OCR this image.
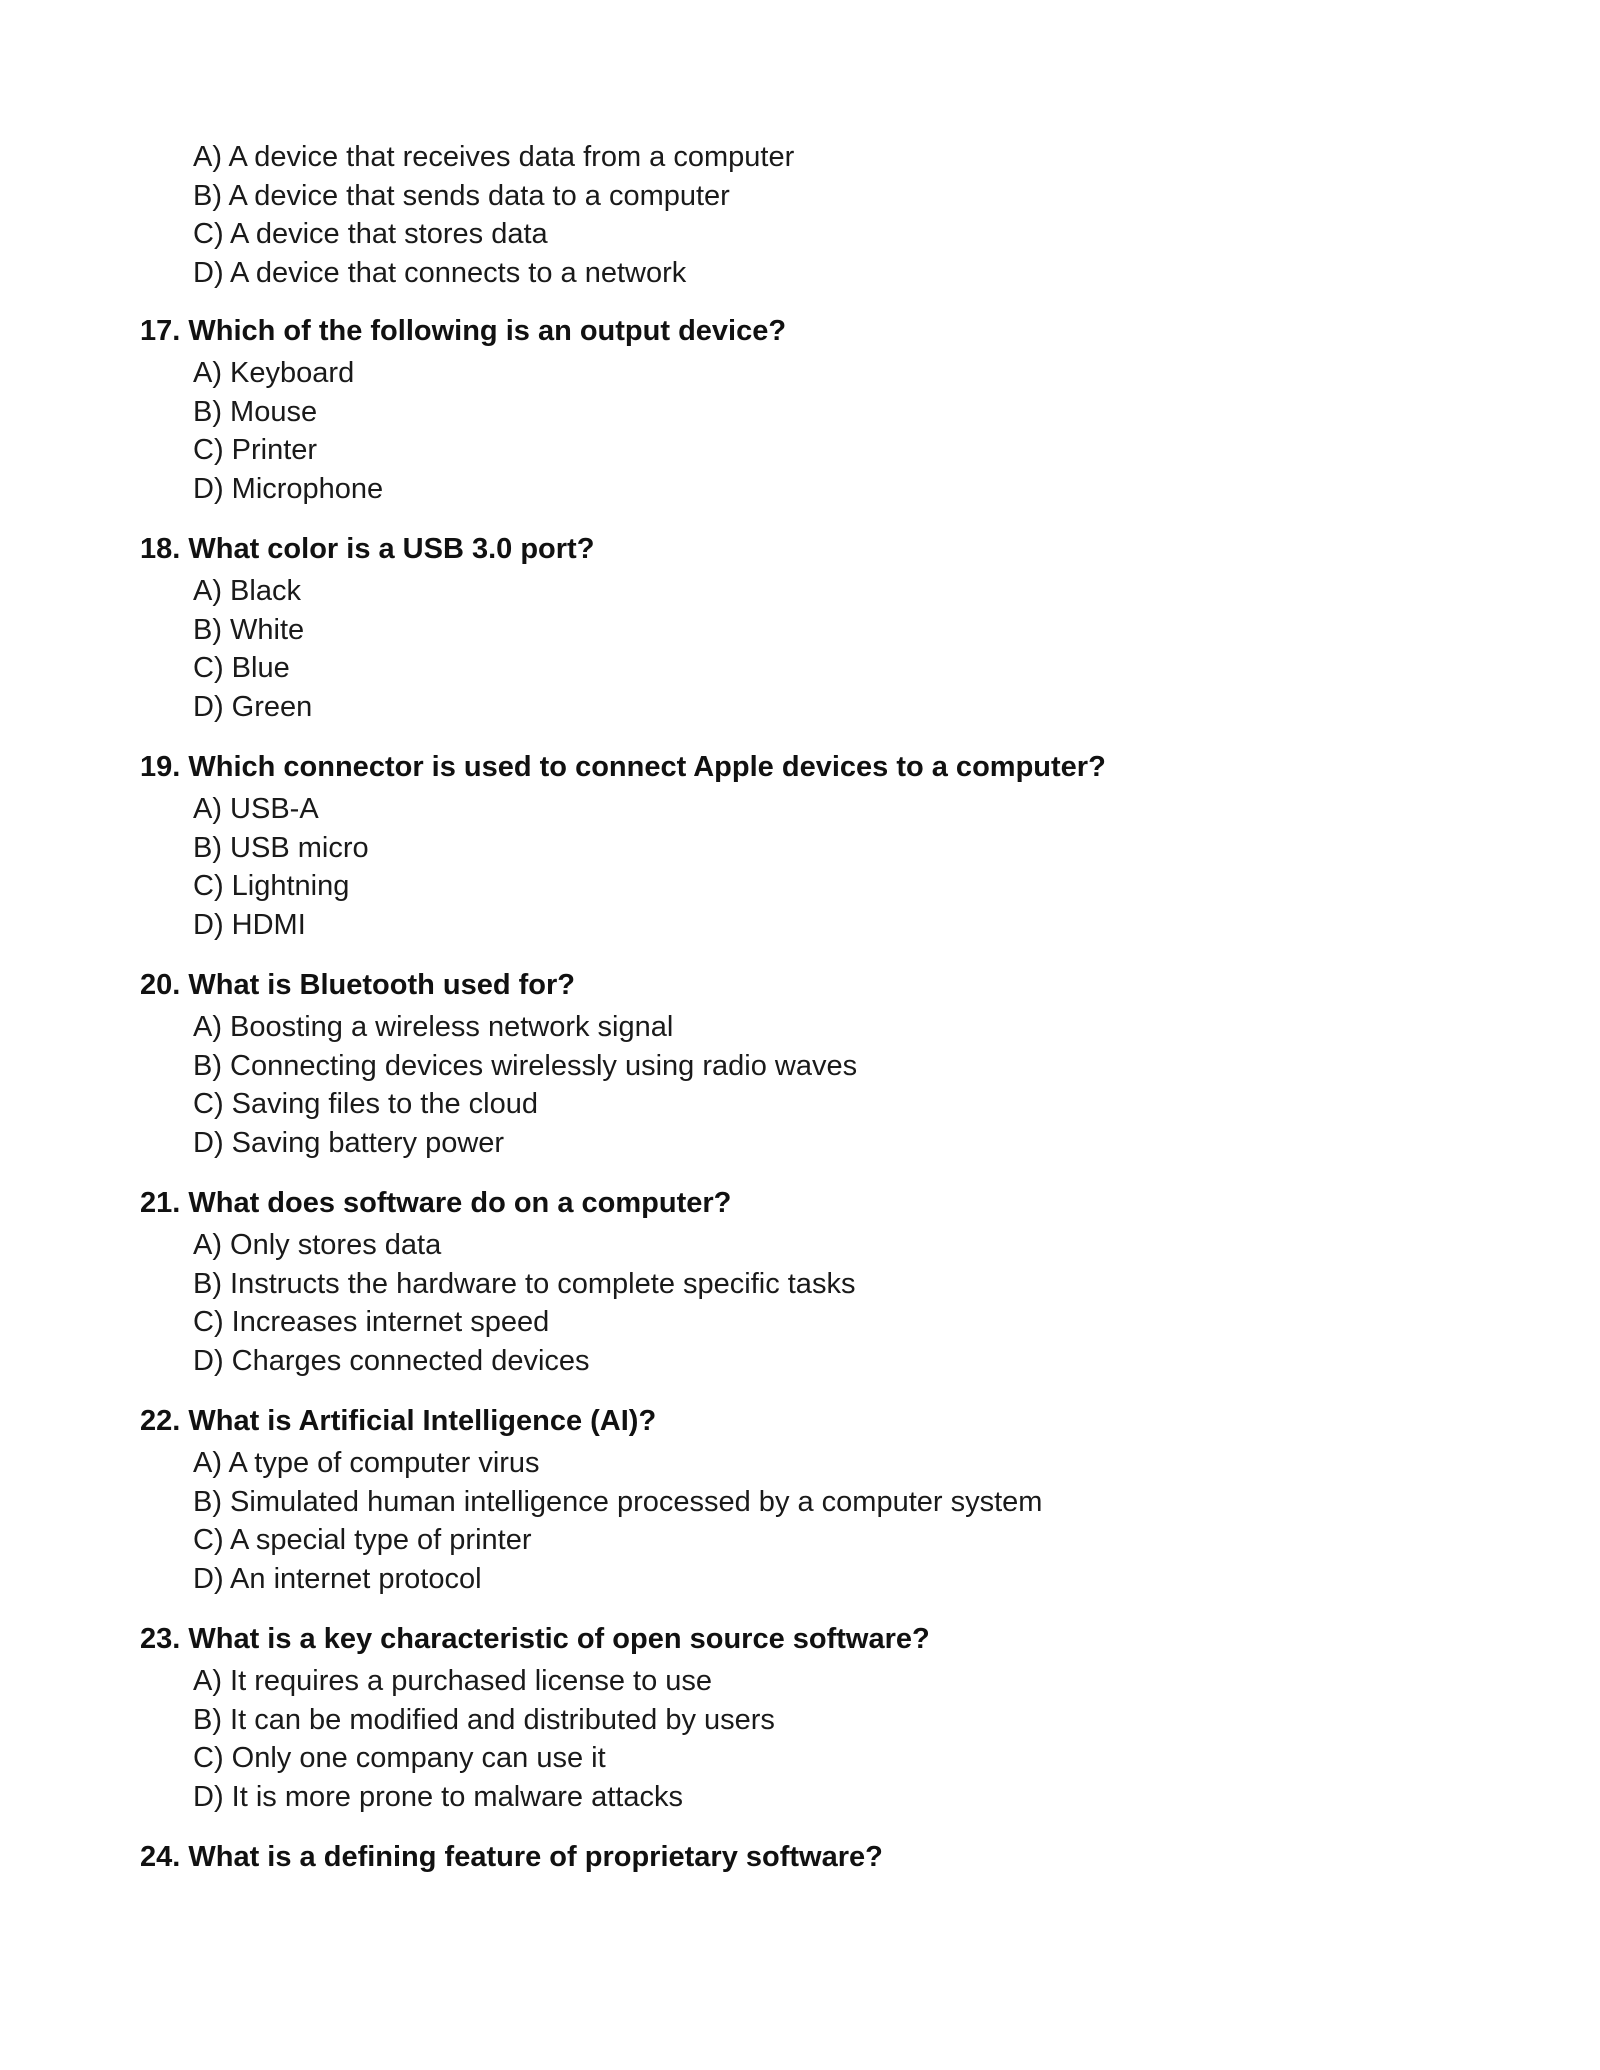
A) A device that receives data from a computer
B) A device that sends data to a computer
C) A device that stores data
D) A device that connects to a network

17. Which of the following is an output device?

A) Keyboard
B) Mouse
C) Printer
D) Microphone

18. What color is a USB 3.0 port?

A) Black
B) White
C) Blue
D) Green

19. Which connector is used to connect Apple devices to a computer?

A) USB-A
B) USB micro
C) Lightning
D) HDMI

20. What is Bluetooth used for?

A) Boosting a wireless network signal
B) Connecting devices wirelessly using radio waves
C) Saving files to the cloud
D) Saving battery power

21. What does software do on a computer?

A) Only stores data
B) Instructs the hardware to complete specific tasks
C) Increases internet speed
D) Charges connected devices

22. What is Artificial Intelligence (AI)?

A) A type of computer virus
B) Simulated human intelligence processed by a computer system
C) A special type of printer
D) An internet protocol

23. What is a key characteristic of open source software?

A) It requires a purchased license to use
B) It can be modified and distributed by users
C) Only one company can use it
D) It is more prone to malware attacks

24. What is a defining feature of proprietary software?
